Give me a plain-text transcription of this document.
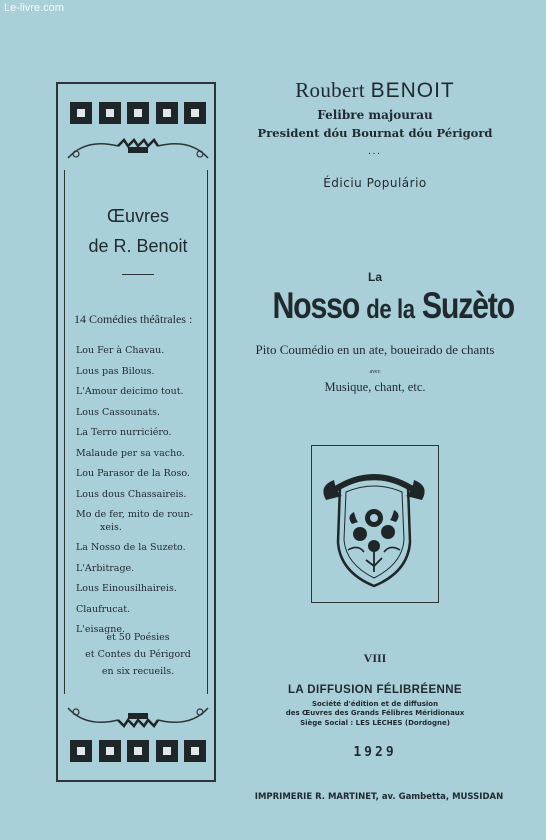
Le-livre.com
Œuvres
de R. Benoit
14 Comédies théâtrales :
Lou Fer à Chavau.
Lous pas Bilous.
L'Amour deicimo tout.
Lous Cassounats.
La Terro nurriciéro.
Malaude per sa vacho.
Lou Parasor de la Roso.
Lous dous Chassaireis.
Mo de fer, mito de roun-
xeis.
La Nosso de la Suzeto.
L'Arbitrage.
Lous Einousilhaireis.
Claufrucat.
L'eisagne.
et 50 Poésies
et Contes du Périgord
en six recueils.
Roubert BENOIT
Felibre majourau
President dóu Bournat dóu Périgord
...
Édiciu Populário
La
Nosso de la Suzèto
Pito Coumédio en un ate, boueirado de chants
avec
Musique, chant, etc.
VIII
LA DIFFUSION FÉLIBRÉENNE
Société d'édition et de diffusion
des Œuvres des Grands Félibres Méridionaux
Siège Social : LES LÈCHES (Dordogne)
1929
IMPRIMERIE R. MARTINET, av. Gambetta, MUSSIDAN
